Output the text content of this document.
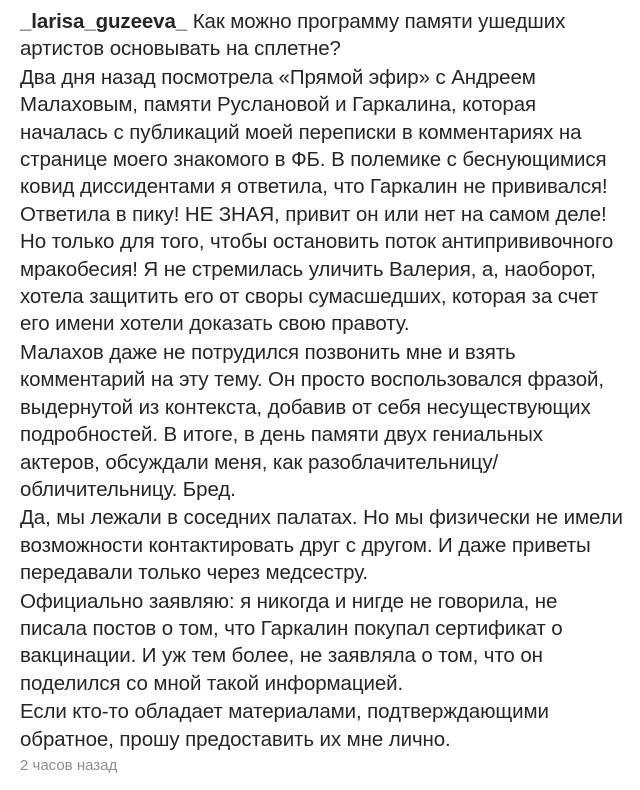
_larisa_guzeeva_ Как можно программу памяти ушедших артистов основывать на сплетне?

Два дня назад посмотрела «Прямой эфир» с Андреем Малаховым, памяти Руслановой и Гаркалина, которая началась с публикаций моей переписки в комментариях на странице моего знакомого в ФБ. В полемике с беснующимися ковид диссидентами я ответила, что Гаркалин не прививался! Ответила в пику! НЕ ЗНАЯ, привит он или нет на самом деле! Но только для того, чтобы остановить поток антипрививочного мракобесия! Я не стремилась уличить Валерия, а, наоборот, хотела защитить его от своры сумасшедших, которая за счет его имени хотели доказать свою правоту.

Малахов даже не потрудился позвонить мне и взять комментарий на эту тему. Он просто воспользовался фразой, выдернутой из контекста, добавив от себя несуществующих подробностей. В итоге, в день памяти двух гениальных актеров, обсуждали меня, как разоблачительницу/обличительницу. Бред.

Да, мы лежали в соседних палатах. Но мы физически не имели возможности контактировать друг с другом. И даже приветы передавали только через медсестру.

Официально заявляю: я никогда и нигде не говорила, не писала постов о том, что Гаркалин покупал сертификат о вакцинации. И уж тем более, не заявляла о том, что он поделился со мной такой информацией.

Если кто-то обладает материалами, подтверждающими обратное, прошу предоставить их мне лично.

2 часов назад
